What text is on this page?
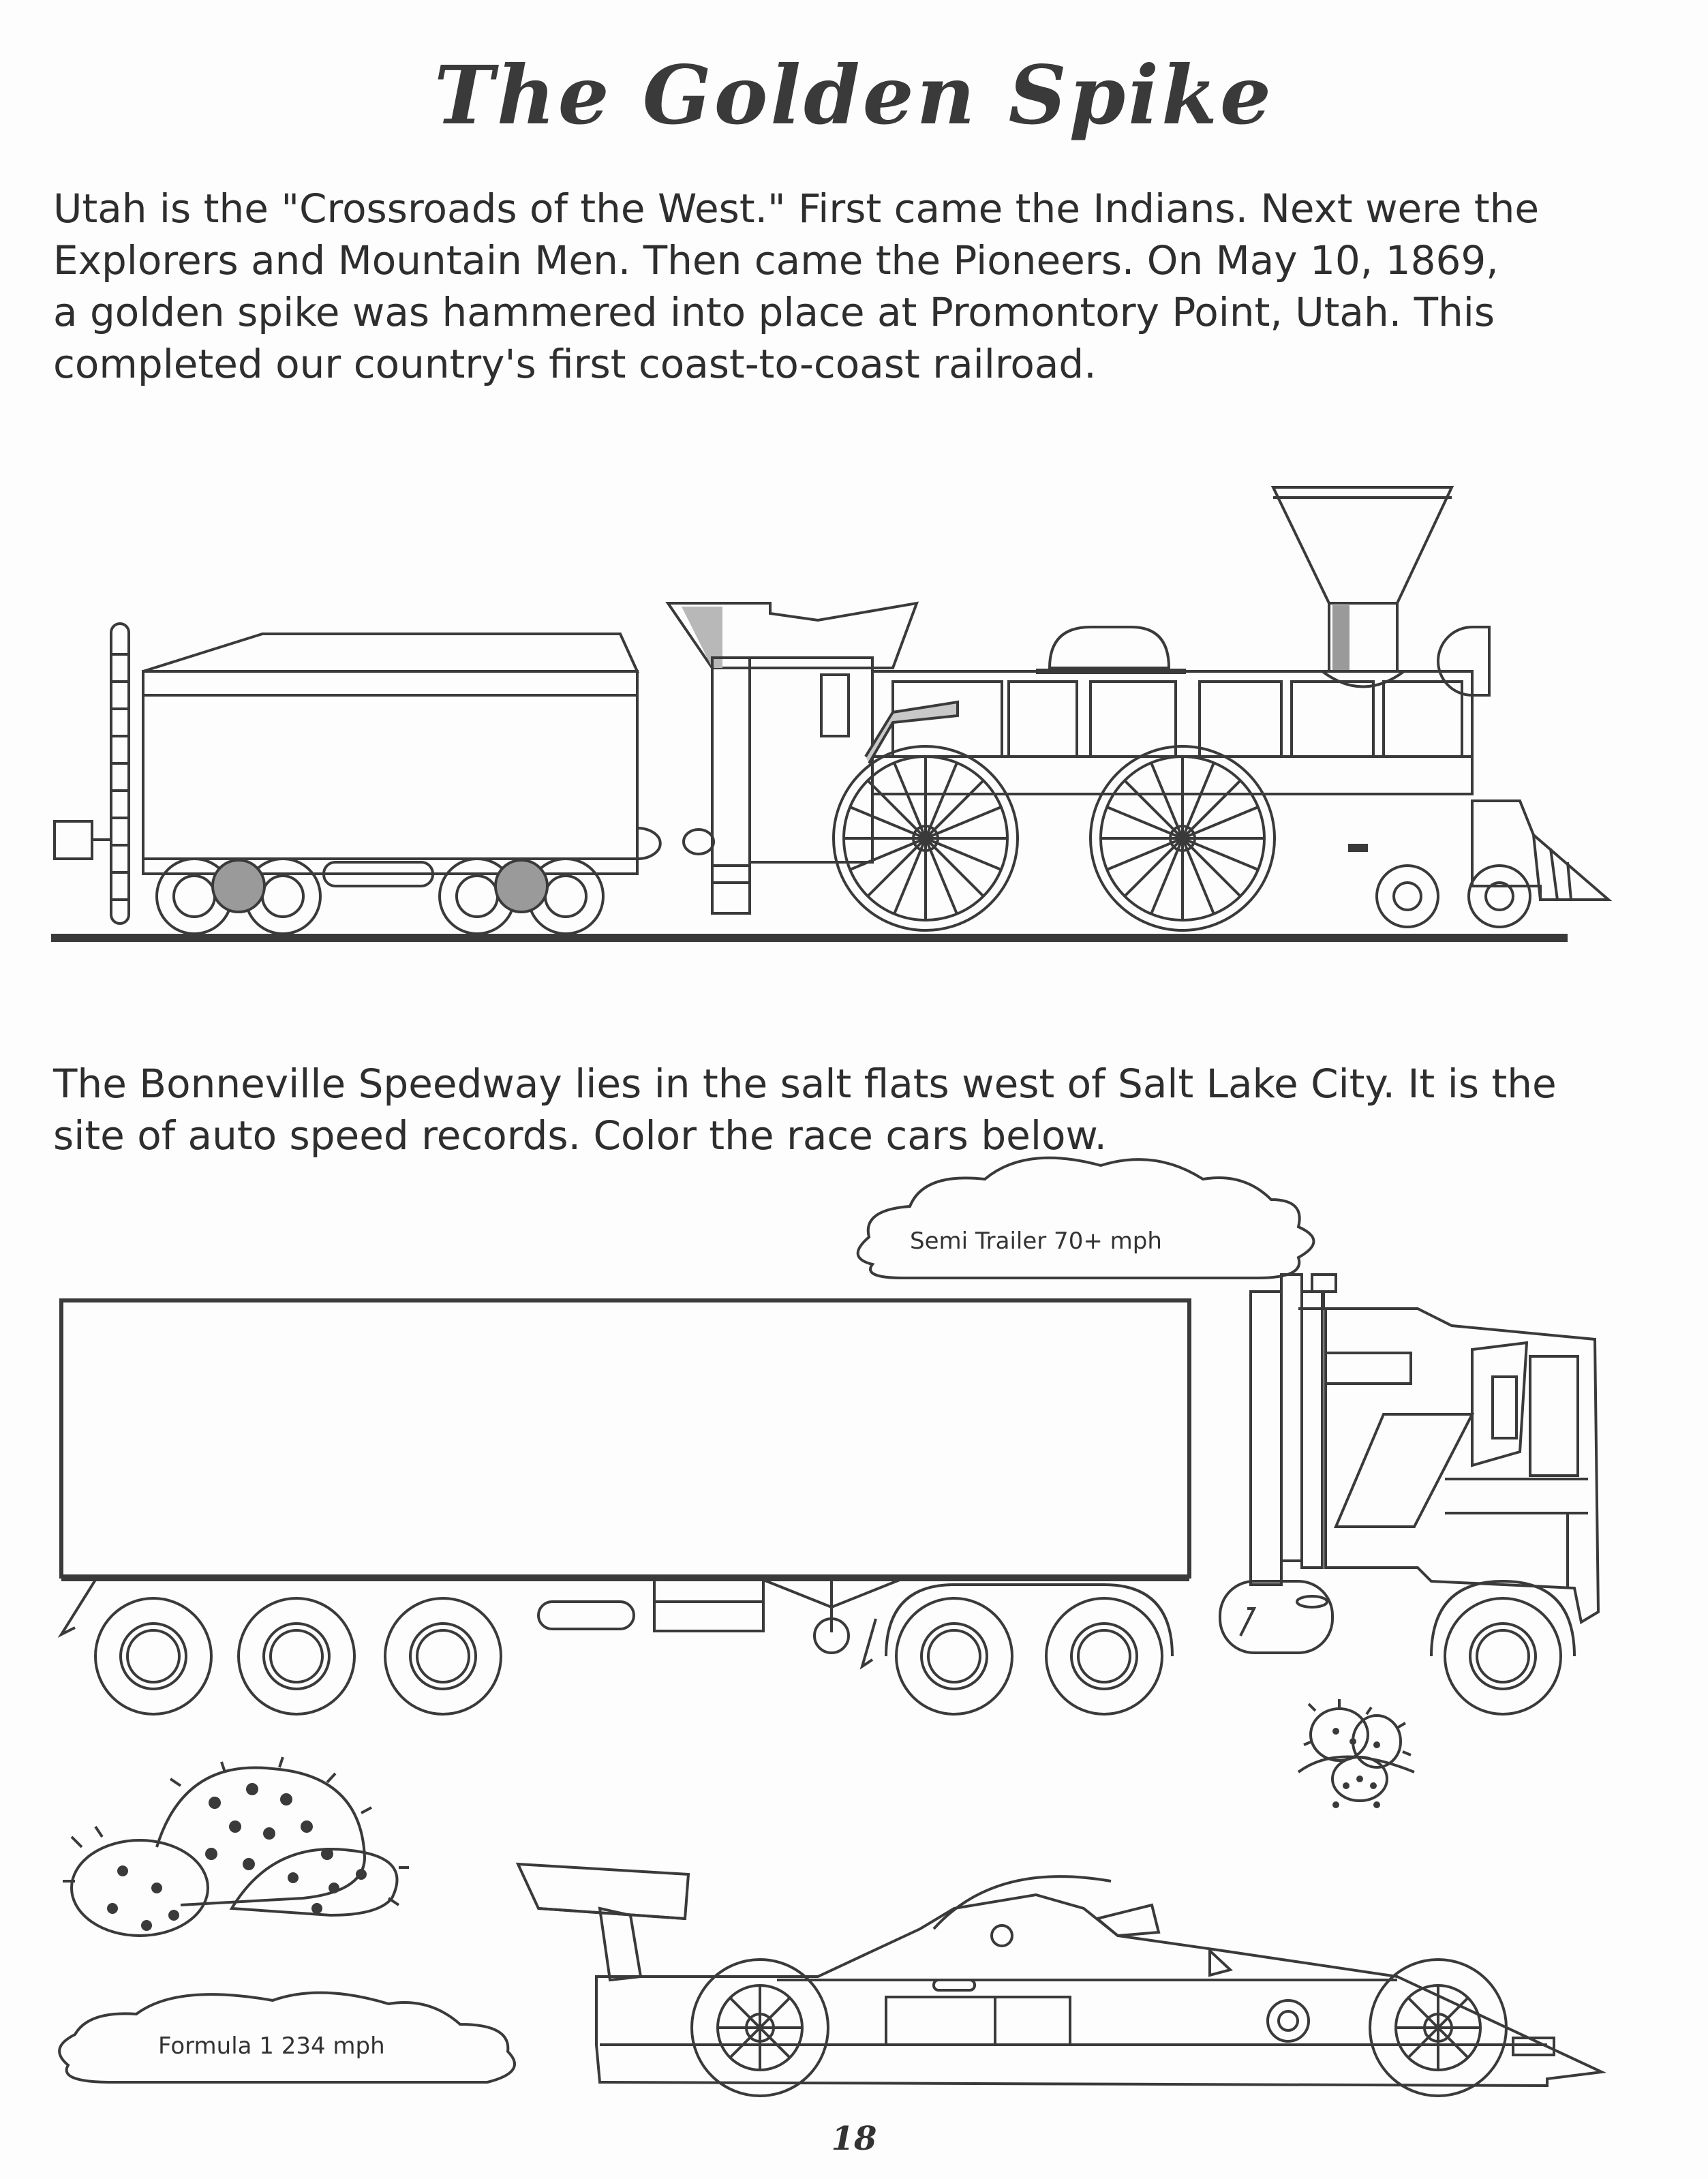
The Golden Spike
Utah is the "Crossroads of the West." First came the Indians. Next were the
Explorers and Mountain Men. Then came the Pioneers. On May 10, 1869,
a golden spike was hammered into place at Promontory Point, Utah. This
completed our country's first coast-to-coast railroad.
The Bonneville Speedway lies in the salt flats west of Salt Lake City. It is the
site of auto speed records. Color the race cars below.
Semi Trailer 70+ mph
Formula 1 234 mph
18
